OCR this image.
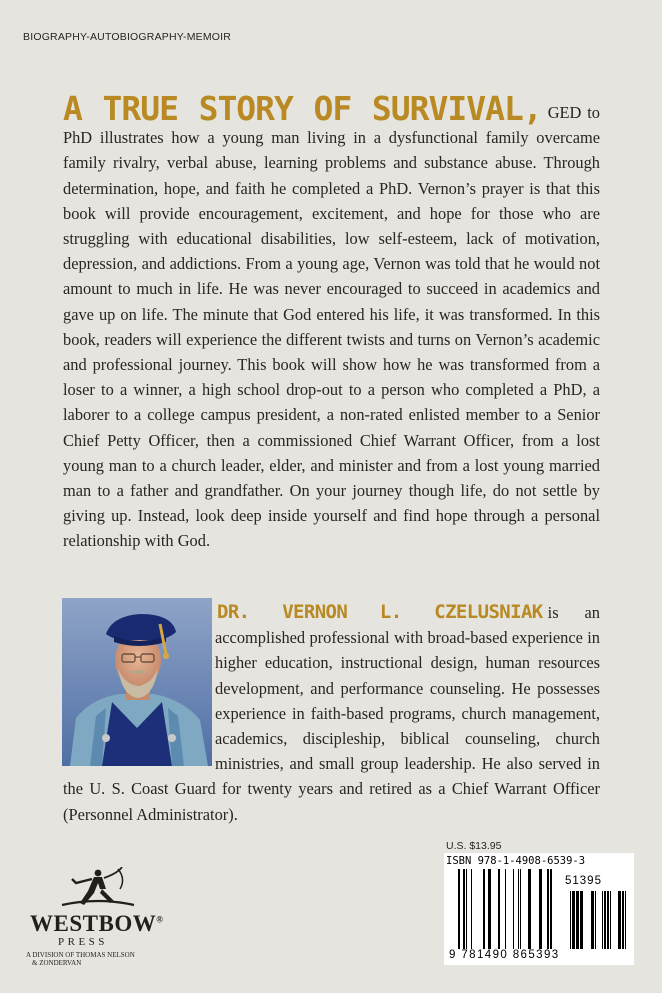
BIOGRAPHY-AUTOBIOGRAPHY-MEMOIR
A TRUE STORY OF SURVIVAL, GED to PhD illustrates how a young man living in a dysfunctional family overcame family rivalry, verbal abuse, learning problems and substance abuse. Through determination, hope, and faith he completed a PhD. Vernon’s prayer is that this book will provide encouragement, excitement, and hope for those who are struggling with educational disabilities, low self-esteem, lack of motivation, depression, and addictions. From a young age, Vernon was told that he would not amount to much in life. He was never encouraged to succeed in academics and gave up on life. The minute that God entered his life, it was transformed. In this book, readers will experience the different twists and turns on Vernon’s academic and professional journey. This book will show how he was transformed from a loser to a winner, a high school drop-out to a person who completed a PhD, a laborer to a college campus president, a non-rated enlisted member to a Senior Chief Petty Officer, then a commissioned Chief Warrant Officer, from a lost young man to a church leader, elder, and minister and from a lost young married man to a father and grandfather. On your journey though life, do not settle by giving up. Instead, look deep inside yourself and find hope through a personal relationship with God.
DR. VERNON L. CZELUSNIAK is an accomplished professional with broad-based experience in higher education, instructional design, human resources development, and performance counseling. He possesses experience in faith-based programs, church management, academics, discipleship, biblical counseling, church ministries, and small group leadership. He also served in the U. S. Coast Guard for twenty years and retired as a Chief Warrant Officer (Personnel Administrator).
WESTBOW®
PRESS
A DIVISION OF THOMAS NELSON
& ZONDERVAN
U.S. $13.95
ISBN 978-1-4908-6539-3
51395
9 781490 865393
